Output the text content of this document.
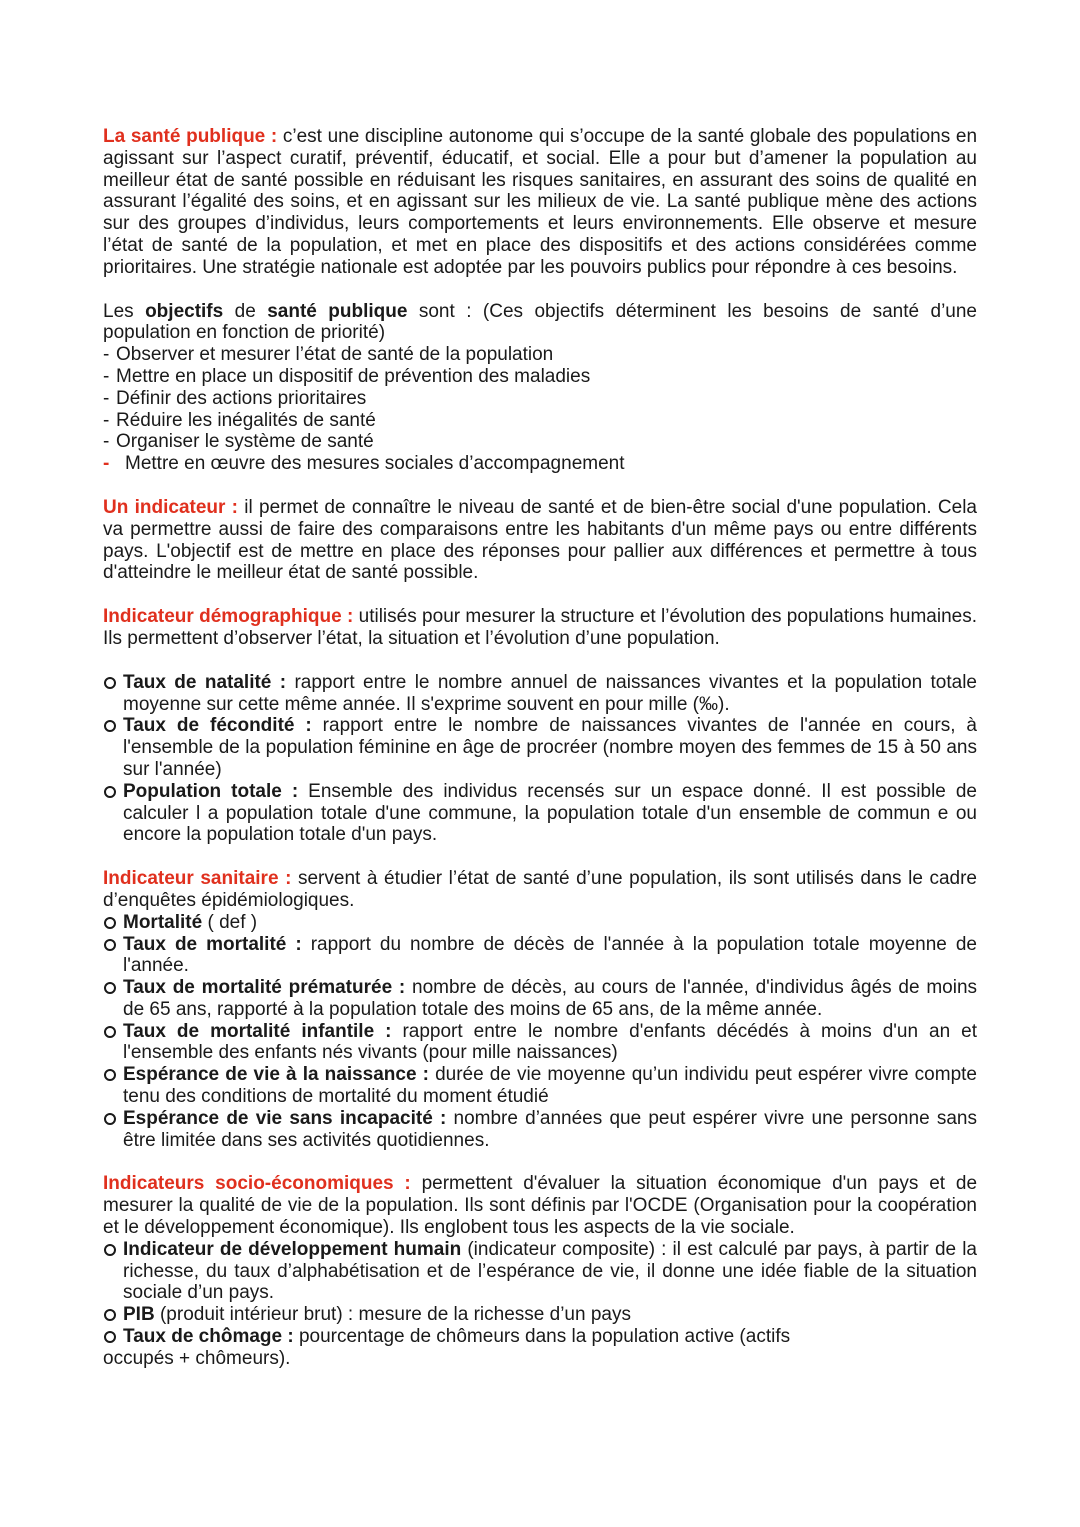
La santé publique : c’est une discipline autonome qui s’occupe de la santé globale des populations en agissant sur l’aspect curatif, préventif, éducatif, et social. Elle a pour but d’amener la population au meilleur état de santé possible en réduisant les risques sanitaires, en assurant des soins de qualité en assurant l’égalité des soins, et en agissant sur les milieux de vie. La santé publique mène des actions sur des groupes d’individus, leurs comportements et leurs environnements. Elle observe et mesure l’état de santé de la population, et met en place des dispositifs et des actions considérées comme prioritaires. Une stratégie nationale est adoptée par les pouvoirs publics pour répondre à ces besoins.

Les objectifs de santé publique sont : (Ces objectifs déterminent les besoins de santé d’une population en fonction de priorité)

- Observer et mesurer l’état de santé de la population
- Mettre en place un dispositif de prévention des maladies
- Définir des actions prioritaires
- Réduire les inégalités de santé
- Organiser le système de santé
- Mettre en œuvre des mesures sociales d’accompagnement

Un indicateur : il permet de connaître le niveau de santé et de bien-être social d'une population. Cela va permettre aussi de faire des comparaisons entre les habitants d'un même pays ou entre différents pays. L'objectif est de mettre en place des réponses pour pallier aux différences et permettre à tous d'atteindre le meilleur état de santé possible.

Indicateur démographique : utilisés pour mesurer la structure et l’évolution des populations humaines. Ils permettent d’observer l’état, la situation et l’évolution d’une population.

Taux de natalité : rapport entre le nombre annuel de naissances vivantes et la population totale moyenne sur cette même année. Il s'exprime souvent en pour mille (‰).
Taux de fécondité : rapport entre le nombre de naissances vivantes de l'année en cours, à l'ensemble de la population féminine en âge de procréer (nombre moyen des femmes de 15 à 50 ans sur l'année)
Population totale : Ensemble des individus recensés sur un espace donné. Il est possible de calculer l a population totale d'une commune, la population totale d'un ensemble de commun e ou encore la population totale d'un pays.

Indicateur sanitaire : servent à étudier l’état de santé d’une population, ils sont utilisés dans le cadre d’enquêtes épidémiologiques.

Mortalité ( def )
Taux de mortalité : rapport du nombre de décès de l'année à la population totale moyenne de l'année.
Taux de mortalité prématurée : nombre de décès, au cours de l'année, d'individus âgés de moins de 65 ans, rapporté à la population totale des moins de 65 ans, de la même année.
Taux de mortalité infantile : rapport entre le nombre d'enfants décédés à moins d'un an et l'ensemble des enfants nés vivants (pour mille naissances)
Espérance de vie à la naissance : durée de vie moyenne qu’un individu peut espérer vivre compte tenu des conditions de mortalité du moment étudié
Espérance de vie sans incapacité : nombre d’années que peut espérer vivre une personne sans être limitée dans ses activités quotidiennes.

Indicateurs socio-économiques : permettent d'évaluer la situation économique d'un pays et de mesurer la qualité de vie de la population. Ils sont définis par l'OCDE (Organisation pour la coopération et le développement économique). Ils englobent tous les aspects de la vie sociale.

Indicateur de développement humain (indicateur composite) : il est calculé par pays, à partir de la richesse, du taux d’alphabétisation et de l’espérance de vie, il donne une idée fiable de la situation sociale d’un pays.
PIB (produit intérieur brut) : mesure de la richesse d’un pays
Taux de chômage : pourcentage de chômeurs dans la population active (actifs

occupés + chômeurs).
